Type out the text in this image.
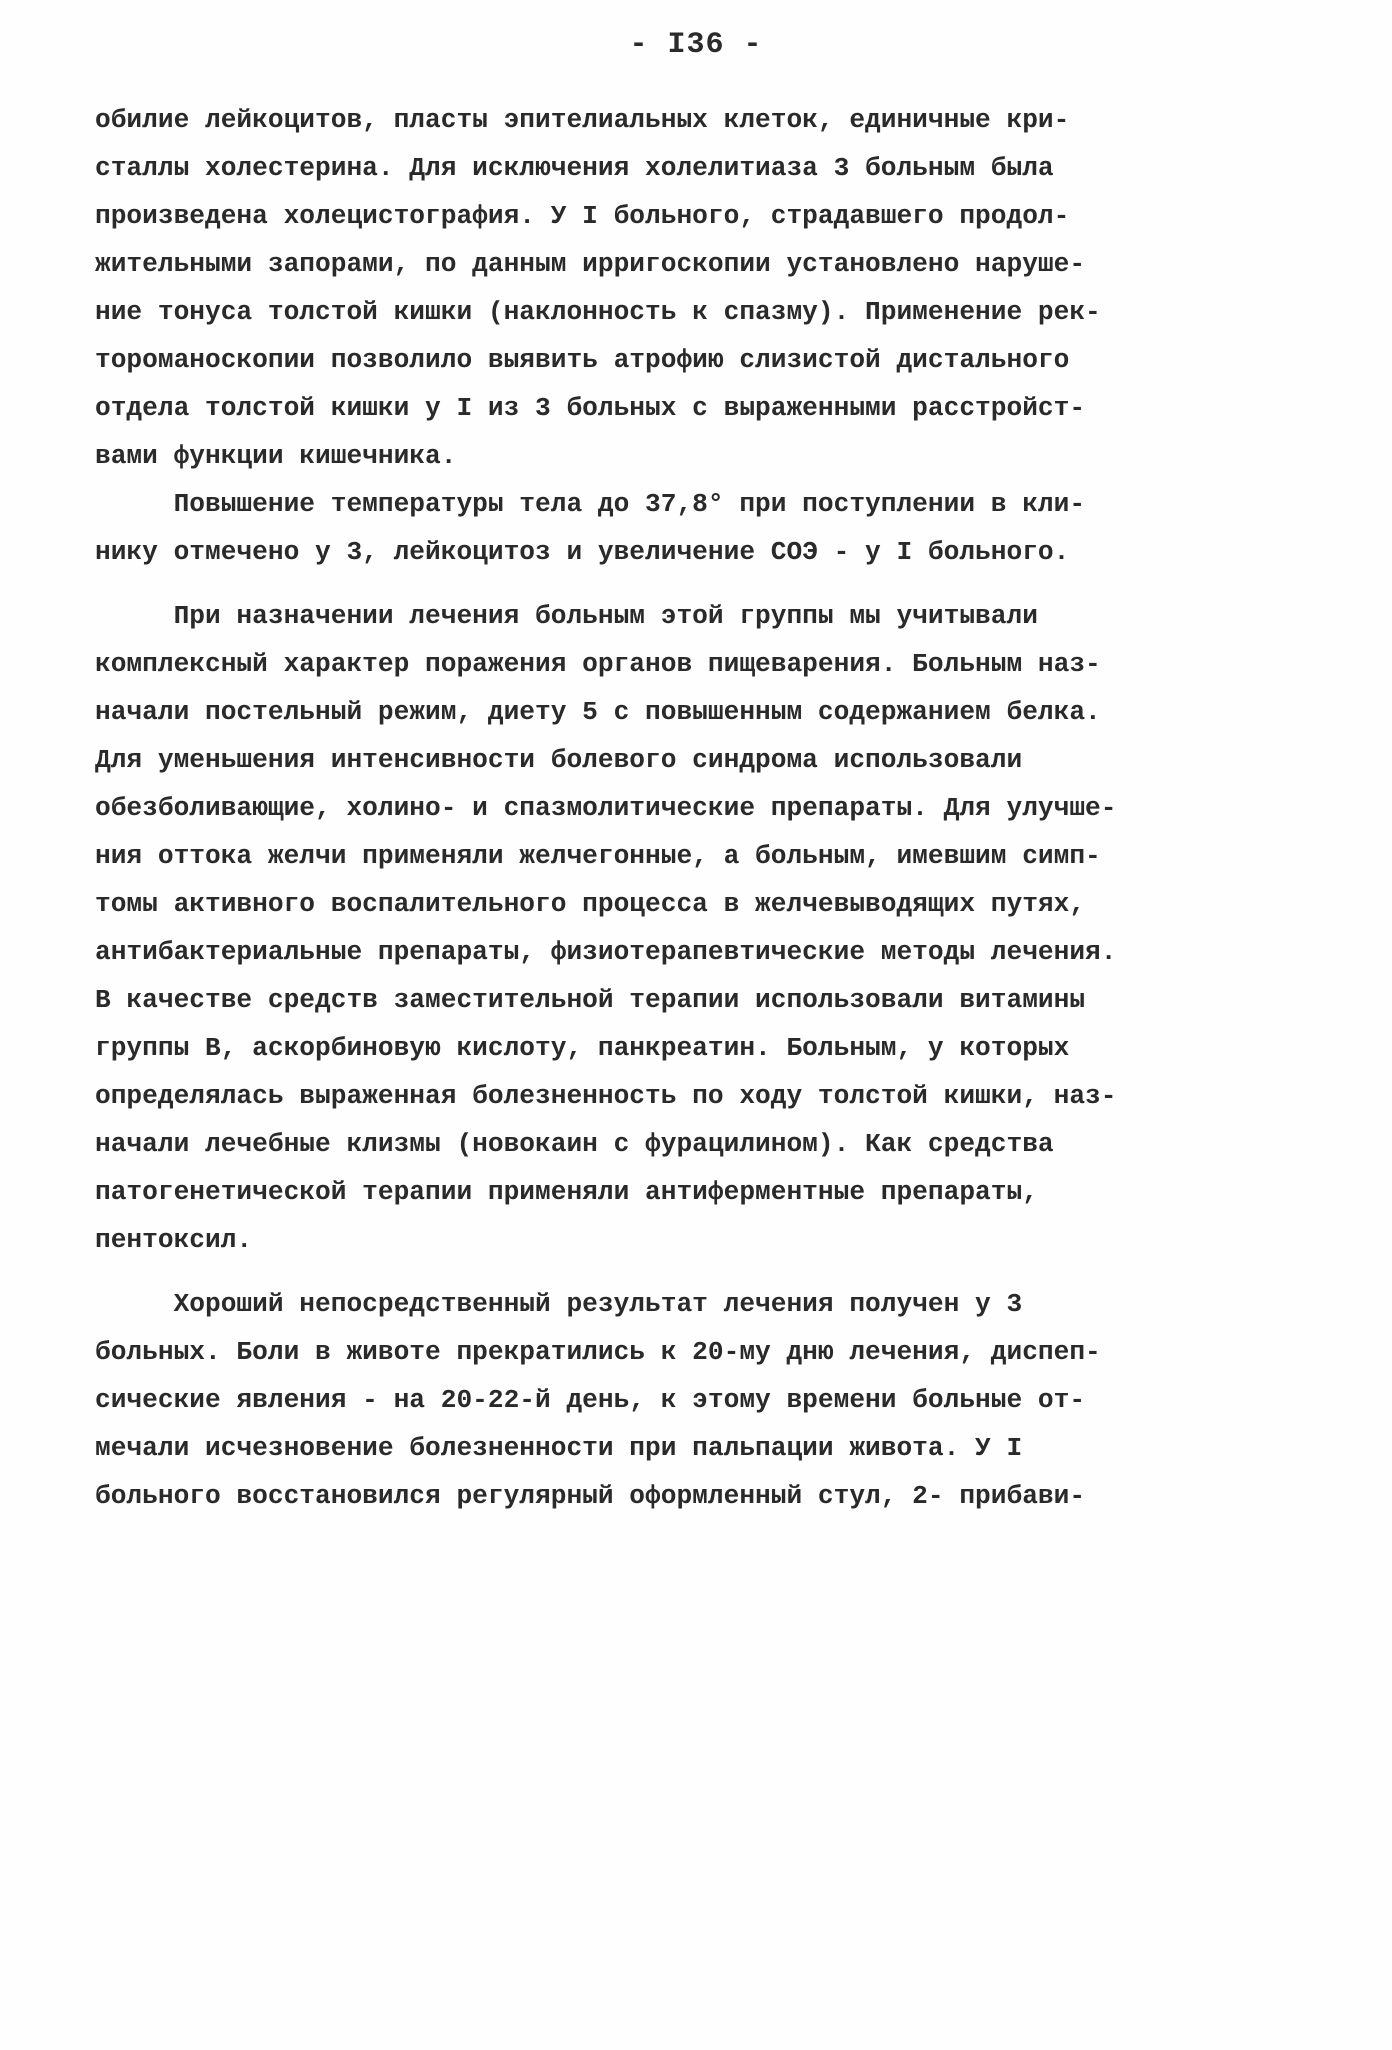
- I36 -
обилие лейкоцитов, пласты эпителиальных клеток, единичные кри-
сталлы холестерина. Для исключения холелитиаза 3 больным была
произведена холецистография. У I больного, страдавшего продол-
жительными запорами, по данным ирригоскопии установлено наруше-
ние тонуса толстой кишки (наклонность к спазму). Применение рек-
тороманоскопии позволило выявить атрофию слизистой дистального
отдела толстой кишки у I из 3 больных с выраженными расстройст-
вами функции кишечника.
Повышение температуры тела до 37,8° при поступлении в кли-
нику отмечено у 3, лейкоцитоз и увеличение СОЭ - у I больного.
При назначении лечения больным этой группы мы учитывали
комплексный характер поражения органов пищеварения. Больным наз-
начали постельный режим, диету 5 с повышенным содержанием белка.
Для уменьшения интенсивности болевого синдрома использовали
обезболивающие, холино- и спазмолитические препараты. Для улучше-
ния оттока желчи применяли желчегонные, а больным, имевшим симп-
томы активного воспалительного процесса в желчевыводящих путях,
антибактериальные препараты, физиотерапевтические методы лечения.
В качестве средств заместительной терапии использовали витамины
группы В, аскорбиновую кислоту, панкреатин. Больным, у которых
определялась выраженная болезненность по ходу толстой кишки, наз-
начали лечебные клизмы (новокаин с фурацилином). Как средства
патогенетической терапии применяли антиферментные препараты,
пентоксил.
Хороший непосредственный результат лечения получен у 3
больных. Боли в животе прекратились к 20-му дню лечения, диспеп-
сические явления - на 20-22-й день, к этому времени больные от-
мечали исчезновение болезненности при пальпации живота. У I
больного восстановился регулярный оформленный стул, 2- прибави-
